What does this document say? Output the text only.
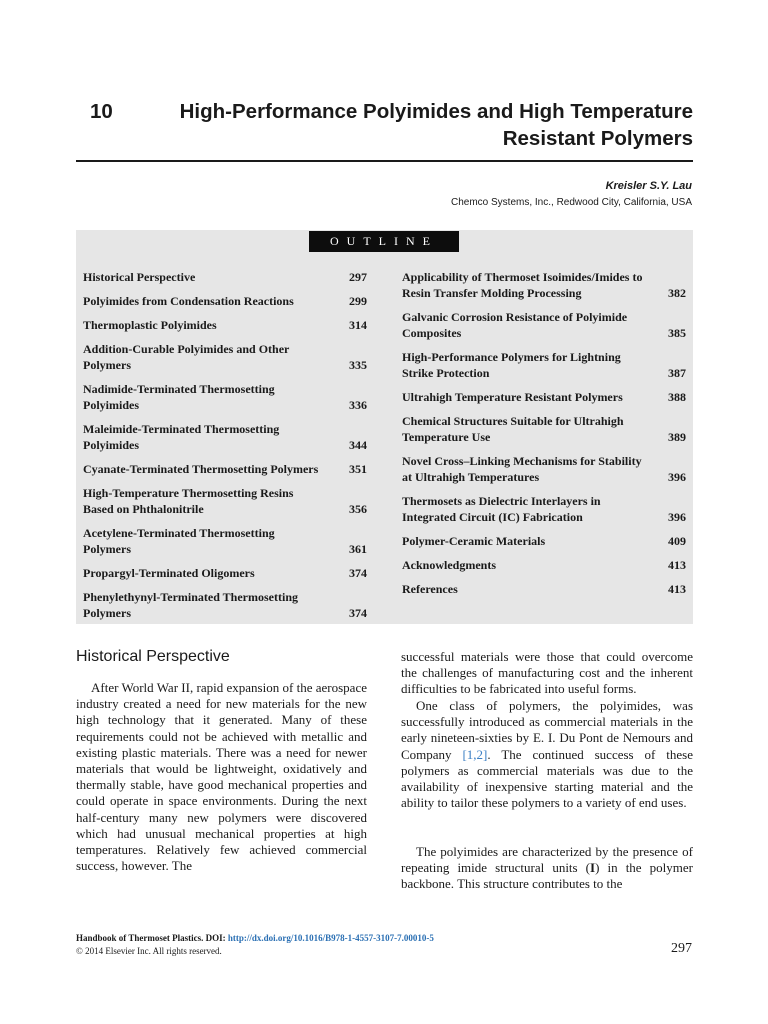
10	High-Performance Polyimides and High Temperature
Resistant Polymers
Kreisler S.Y. Lau
Chemco Systems, Inc., Redwood City, California, USA
OUTLINE
Historical Perspective	297
Polyimides from Condensation Reactions	299
Thermoplastic Polyimides	314
Addition-Curable Polyimides and Other Polymers	335
Nadimide-Terminated Thermosetting Polyimides	336
Maleimide-Terminated Thermosetting Polyimides	344
Cyanate-Terminated Thermosetting Polymers	351
High-Temperature Thermosetting Resins Based on Phthalonitrile	356
Acetylene-Terminated Thermosetting Polymers	361
Propargyl-Terminated Oligomers	374
Phenylethynyl-Terminated Thermosetting Polymers	374
Applicability of Thermoset Isoimides/Imides to Resin Transfer Molding Processing	382
Galvanic Corrosion Resistance of Polyimide Composites	385
High-Performance Polymers for Lightning Strike Protection	387
Ultrahigh Temperature Resistant Polymers	388
Chemical Structures Suitable for Ultrahigh Temperature Use	389
Novel Cross–Linking Mechanisms for Stability at Ultrahigh Temperatures	396
Thermosets as Dielectric Interlayers in Integrated Circuit (IC) Fabrication	396
Polymer-Ceramic Materials	409
Acknowledgments	413
References	413
Historical Perspective

After World War II, rapid expansion of the aerospace industry created a need for new materials for the new high technology that it generated. Many of these requirements could not be achieved with metallic and existing plastic materials. There was a need for newer materials that would be lightweight, oxidatively and thermally stable, have good mechanical properties and could operate in space environments. During the next half-century many new polymers were discovered which had unusual mechanical properties at high temperatures. Relatively few achieved commercial success, however. The

successful materials were those that could overcome the challenges of manufacturing cost and the inherent difficulties to be fabricated into useful forms.

One class of polymers, the polyimides, was successfully introduced as commercial materials in the early nineteen-sixties by E. I. Du Pont de Nemours and Company [1,2]. The continued success of these polymers as commercial materials was due to the availability of inexpensive starting material and the ability to tailor these polymers to a variety of end uses.

The polyimides are characterized by the presence of repeating imide structural units (I) in the polymer backbone. This structure contributes to the

Handbook of Thermoset Plastics. DOI: http://dx.doi.org/10.1016/B978-1-4557-3107-7.00010-5
© 2014 Elsevier Inc. All rights reserved.	297
